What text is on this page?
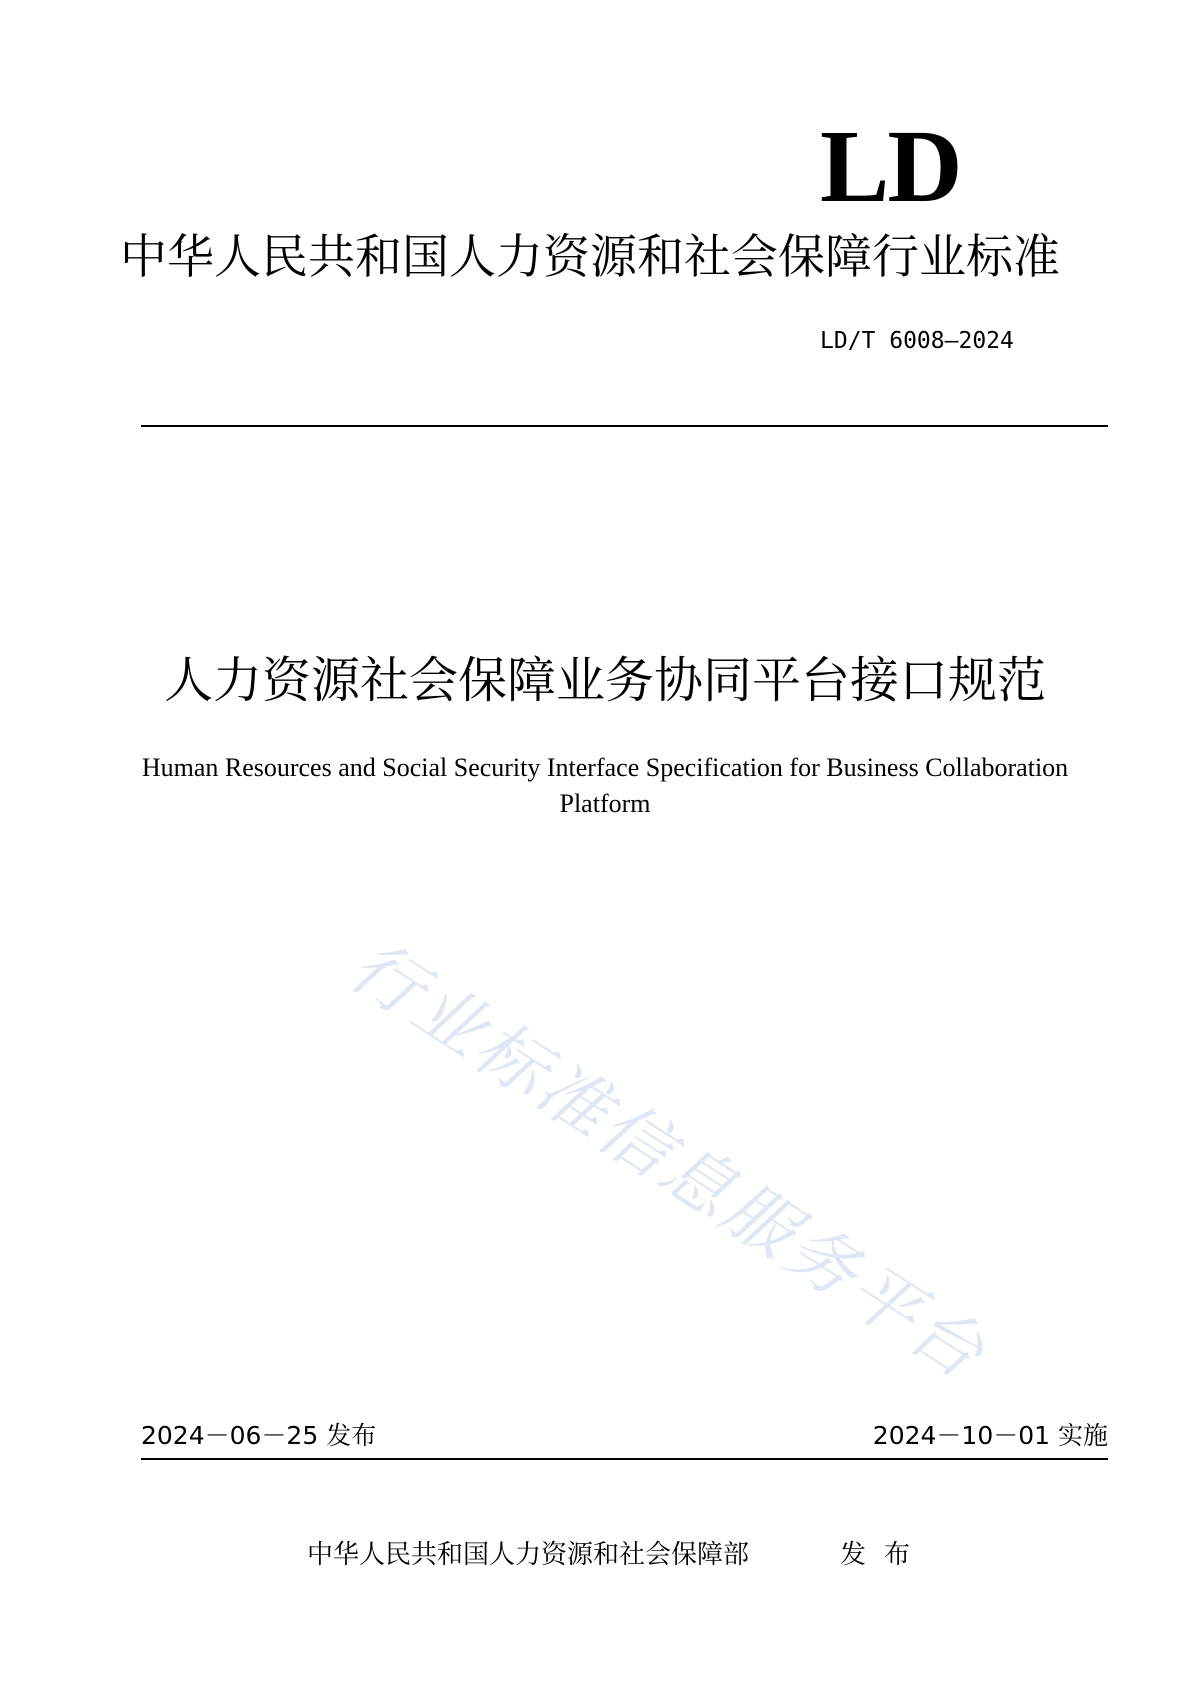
LD
中华人民共和国人力资源和社会保障行业标准
LD/T 6008—2024
人力资源社会保障业务协同平台接口规范
Human Resources and Social Security Interface Specification for Business Collaboration Platform
行业标准信息服务平台
2024－06－25 发布	2024－10－01 实施
中华人民共和国人力资源和社会保障部	发布
